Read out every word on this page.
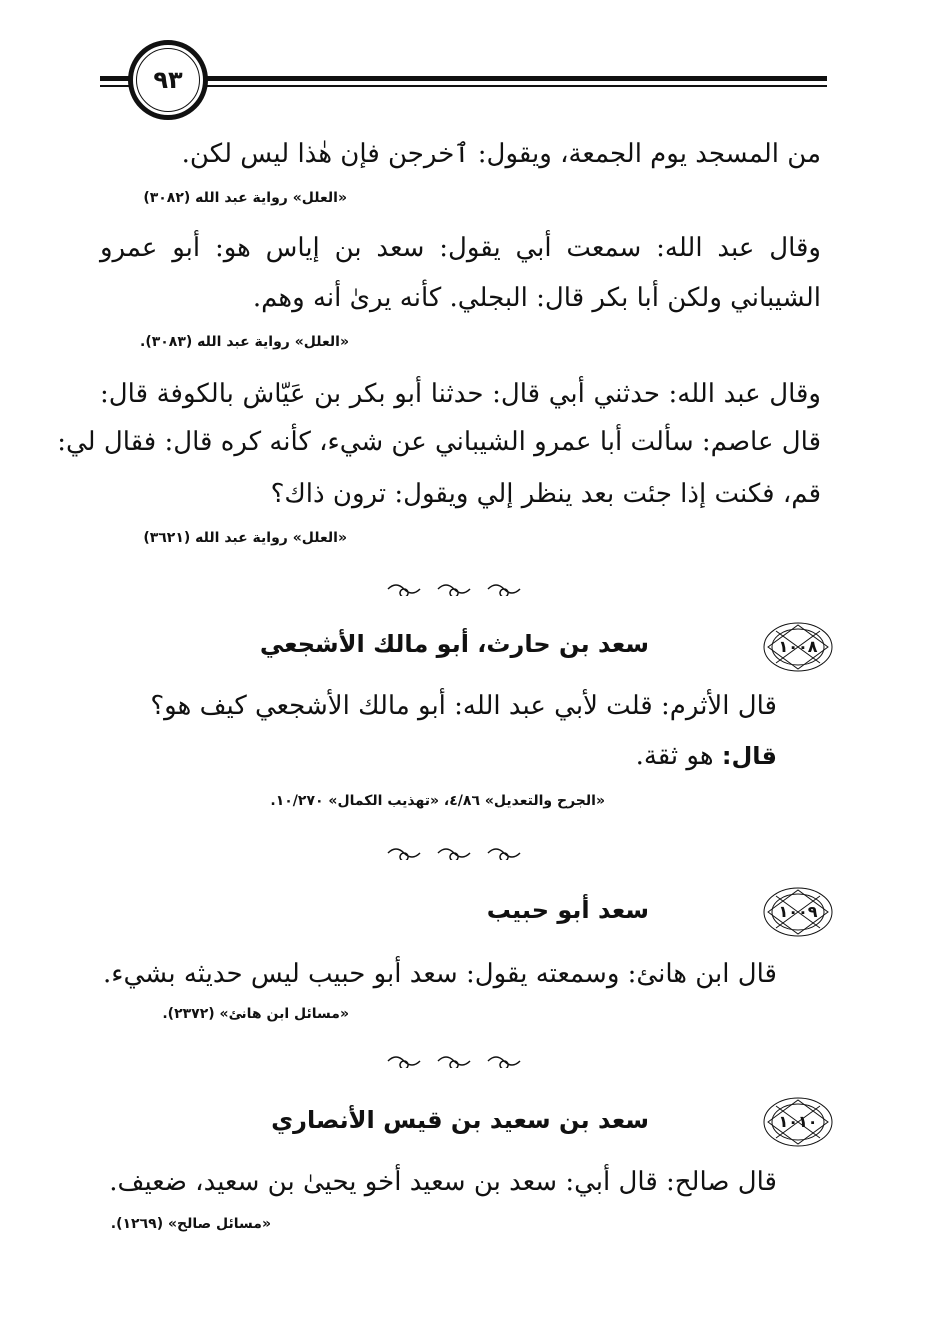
٩٣
من المسجد يوم الجمعة، ويقول: ٱخرجن فإن هٰذا ليس لكن.
«العلل» رواية عبد الله (٣٠٨٢)
وقال عبد الله: سمعت أبي يقول: سعد بن إياس هو: أبو عمرو
الشيباني ولكن أبا بكر قال: البجلي. كأنه يرىٰ أنه وهم.
«العلل» رواية عبد الله (٣٠٨٣).
وقال عبد الله: حدثني أبي قال: حدثنا أبو بكر بن عَيّاش بالكوفة قال:
قال عاصم: سألت أبا عمرو الشيباني عن شيء، كأنه كره قال: فقال لي:
قم، فكنت إذا جئت بعد ينظر إلي ويقول: ترون ذاك؟
«العلل» رواية عبد الله (٣٦٢١)
١٠٠٨
سعد بن حارث، أبو مالك الأشجعي
قال الأثرم: قلت لأبي عبد الله: أبو مالك الأشجعي كيف هو؟
قال: هو ثقة.
«الجرح والتعديل» ٤/٨٦، «تهذيب الكمال» ١٠/٢٧٠.
١٠٠٩
سعد أبو حبيب
قال ابن هانئ: وسمعته يقول: سعد أبو حبيب ليس حديثه بشيء.
«مسائل ابن هانئ» (٢٣٧٢).
١٠١٠
سعد بن سعيد بن قيس الأنصاري
قال صالح: قال أبي: سعد بن سعيد أخو يحيىٰ بن سعيد، ضعيف.
«مسائل صالح» (١٢٦٩).
